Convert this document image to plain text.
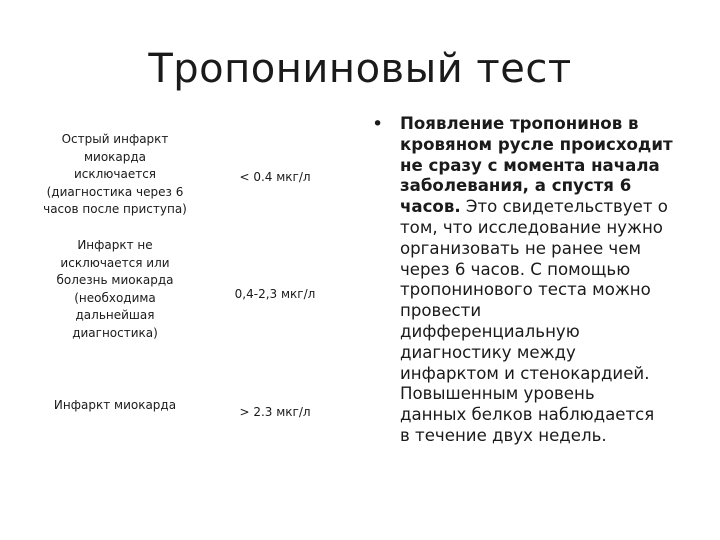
Тропониновый тест
Острый инфаркт
миокарда
исключается
(диагностика через 6
часов после приступа)
< 0.4 мкг/л
Инфаркт не
исключается или
болезнь миокарда
(необходима
дальнейшая
диагностика)
0,4-2,3 мкг/л
Инфаркт миокарда	> 2.3 мкг/л
• Появление тропонинов в
кровяном русле происходит
не сразу с момента начала
заболевания, а спустя 6
часов. Это свидетельствует о
том, что исследование нужно
организовать не ранее чем
через 6 часов. С помощью
тропонинового теста можно
провести
дифференциальную
диагностику между
инфарктом и стенокардией.
Повышенным уровень
данных белков наблюдается
в течение двух недель.
